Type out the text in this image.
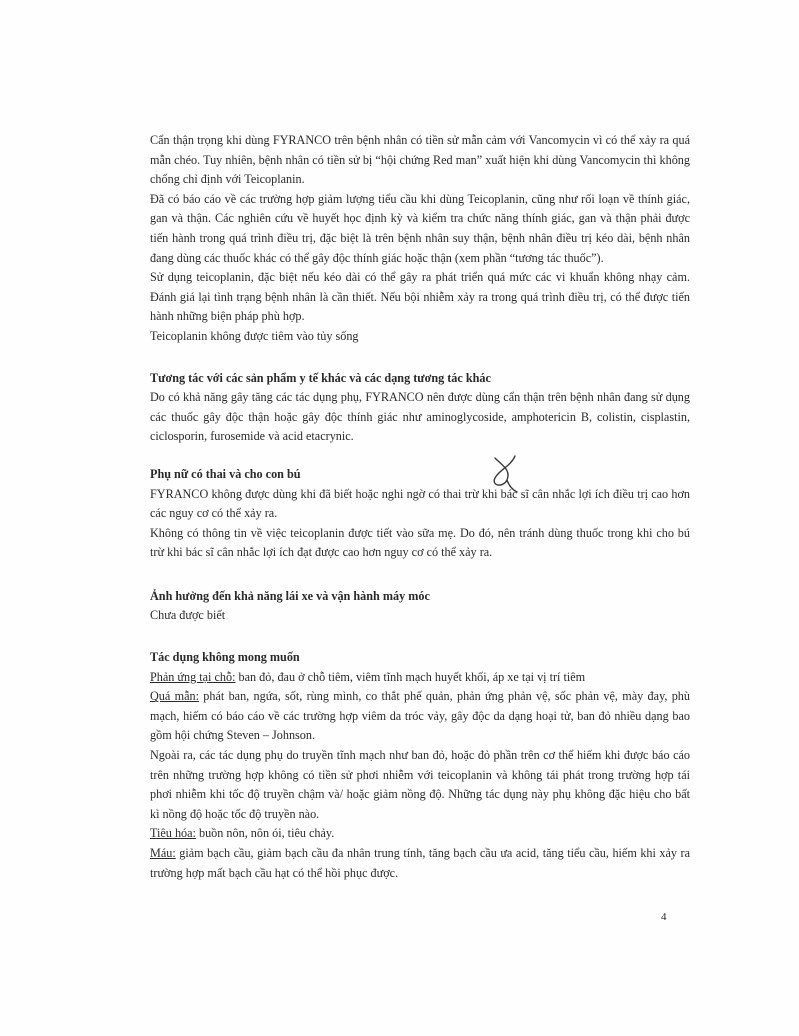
Cẩn thận trọng khi dùng FYRANCO trên bệnh nhân có tiền sử mẫn cảm với Vancomycin vì có thể xảy ra quá mẫn chéo. Tuy nhiên, bệnh nhân có tiền sử bị “hội chứng Red man” xuất hiện khi dùng Vancomycin thì không chống chỉ định với Teicoplanin.

Đã có báo cáo về các trường hợp giảm lượng tiểu cầu khi dùng Teicoplanin, cũng như rối loạn về thính giác, gan và thận. Các nghiên cứu về huyết học định kỳ và kiểm tra chức năng thính giác, gan và thận phải được tiến hành trong quá trình điều trị, đặc biệt là trên bệnh nhân suy thận, bệnh nhân điều trị kéo dài, bệnh nhân đang dùng các thuốc khác có thể gây độc thính giác hoặc thận (xem phần “tương tác thuốc”).

Sử dụng teicoplanin, đặc biệt nếu kéo dài có thể gây ra phát triển quá mức các vi khuẩn không nhạy cảm. Đánh giá lại tình trạng bệnh nhân là cần thiết. Nếu bội nhiễm xảy ra trong quá trình điều trị, có thể được tiến hành những biện pháp phù hợp.

Teicoplanin không được tiêm vào tủy sống

Tương tác với các sản phẩm y tế khác và các dạng tương tác khác

Do có khả năng gây tăng các tác dụng phụ, FYRANCO nên được dùng cẩn thận trên bệnh nhân đang sử dụng các thuốc gây độc thận hoặc gây độc thính giác như aminoglycoside, amphotericin B, colistin, cisplastin, ciclosporin, furosemide và acid etacrynic.

Phụ nữ có thai và cho con bú

FYRANCO không được dùng khi đã biết hoặc nghi ngờ có thai trừ khi bác sĩ cân nhắc lợi ích điều trị cao hơn các nguy cơ có thể xảy ra.

Không có thông tin về việc teicoplanin được tiết vào sữa mẹ. Do đó, nên tránh dùng thuốc trong khi cho bú trừ khi bác sĩ cân nhắc lợi ích đạt được cao hơn nguy cơ có thể xảy ra.

Ảnh hưởng đến khả năng lái xe và vận hành máy móc

Chưa được biết

Tác dụng không mong muốn

Phản ứng tại chỗ: ban đỏ, đau ở chỗ tiêm, viêm tĩnh mạch huyết khối, áp xe tại vị trí tiêm

Quá mẫn: phát ban, ngứa, sốt, rùng mình, co thắt phế quản, phản ứng phản vệ, sốc phản vệ, mày đay, phù mạch, hiếm có báo cáo về các trường hợp viêm da tróc vảy, gây độc da dạng hoại tử, ban đỏ nhiều dạng bao gồm hội chứng Steven – Johnson.

Ngoài ra, các tác dụng phụ do truyền tĩnh mạch như ban đỏ, hoặc đỏ phần trên cơ thể hiếm khi được báo cáo trên những trường hợp không có tiền sử phơi nhiễm với teicoplanin và không tái phát trong trường hợp tái phơi nhiễm khi tốc độ truyền chậm và/ hoặc giảm nồng độ. Những tác dụng này phụ không đặc hiệu cho bất kì nồng độ hoặc tốc độ truyền nào.

Tiêu hóa: buồn nôn, nôn ói, tiêu chảy.

Máu: giảm bạch cầu, giảm bạch cầu đa nhân trung tính, tăng bạch cầu ưa acid, tăng tiểu cầu, hiếm khi xảy ra trường hợp mất bạch cầu hạt có thể hồi phục được.

4
